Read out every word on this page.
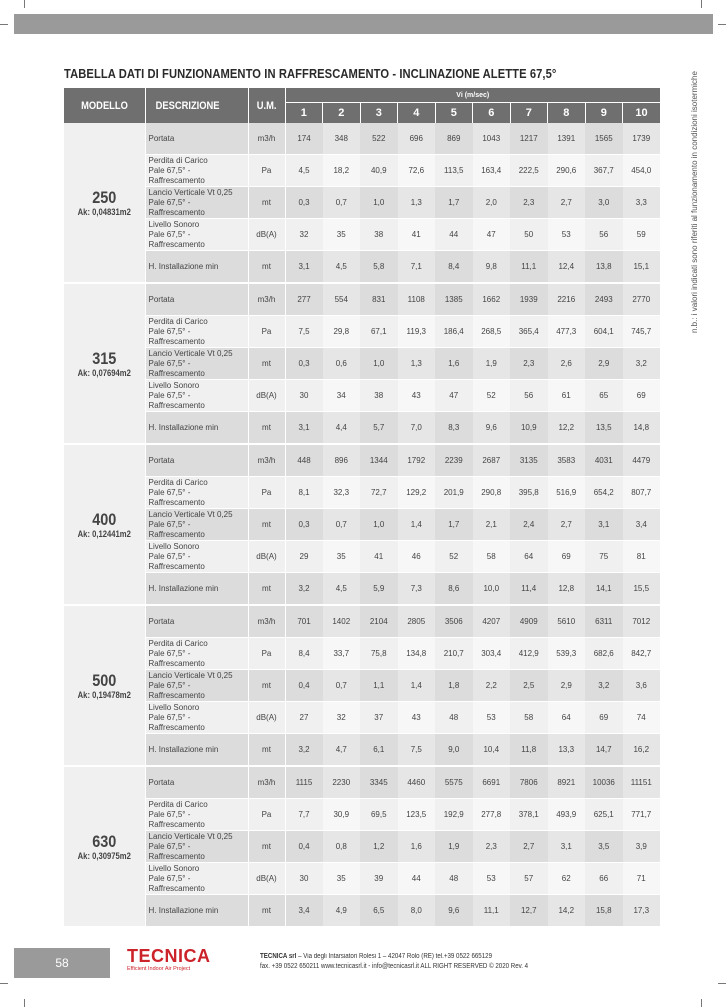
TABELLA DATI DI FUNZIONAMENTO IN RAFFRESCAMENTO - INCLINAZIONE ALETTE 67,5°	n.b.: i valori indicati sono riferiti al funzionamento in condizioni isotermiche
MODELLO	DESCRIZIONE	U.M.	Vi (m/sec)									
			1	2	3	4	5	6	7	8	9	10

250
Ak: 0,04831m2	Portata	m3/h	174	348	522	696	869	1043	1217	1391	1565	1739

	Perdita di Carico
Pale 67,5° - Raffrescamento	Pa	4,5	18,2	40,9	72,6	113,5	163,4	222,5	290,6	367,7	454,0

	Lancio Verticale Vt 0,25
Pale 67,5° - Raffrescamento	mt	0,3	0,7	1,0	1,3	1,7	2,0	2,3	2,7	3,0	3,3

	Livello Sonoro
Pale 67,5° - Raffrescamento	dB(A)	32	35	38	41	44	47	50	53	56	59

	H. Installazione min	mt	3,1	4,5	5,8	7,1	8,4	9,8	11,1	12,4	13,8	15,1

315
Ak: 0,07694m2	Portata	m3/h	277	554	831	1108	1385	1662	1939	2216	2493	2770

	Perdita di Carico
Pale 67,5° - Raffrescamento	Pa	7,5	29,8	67,1	119,3	186,4	268,5	365,4	477,3	604,1	745,7

	Lancio Verticale Vt 0,25
Pale 67,5° - Raffrescamento	mt	0,3	0,6	1,0	1,3	1,6	1,9	2,3	2,6	2,9	3,2

	Livello Sonoro
Pale 67,5° - Raffrescamento	dB(A)	30	34	38	43	47	52	56	61	65	69

	H. Installazione min	mt	3,1	4,4	5,7	7,0	8,3	9,6	10,9	12,2	13,5	14,8

400
Ak: 0,12441m2	Portata	m3/h	448	896	1344	1792	2239	2687	3135	3583	4031	4479

	Perdita di Carico
Pale 67,5° - Raffrescamento	Pa	8,1	32,3	72,7	129,2	201,9	290,8	395,8	516,9	654,2	807,7

	Lancio Verticale Vt 0,25
Pale 67,5° - Raffrescamento	mt	0,3	0,7	1,0	1,4	1,7	2,1	2,4	2,7	3,1	3,4

	Livello Sonoro
Pale 67,5° - Raffrescamento	dB(A)	29	35	41	46	52	58	64	69	75	81

	H. Installazione min	mt	3,2	4,5	5,9	7,3	8,6	10,0	11,4	12,8	14,1	15,5

500
Ak: 0,19478m2	Portata	m3/h	701	1402	2104	2805	3506	4207	4909	5610	6311	7012

	Perdita di Carico
Pale 67,5° - Raffrescamento	Pa	8,4	33,7	75,8	134,8	210,7	303,4	412,9	539,3	682,6	842,7

	Lancio Verticale Vt 0,25
Pale 67,5° - Raffrescamento	mt	0,4	0,7	1,1	1,4	1,8	2,2	2,5	2,9	3,2	3,6

	Livello Sonoro
Pale 67,5° - Raffrescamento	dB(A)	27	32	37	43	48	53	58	64	69	74

	H. Installazione min	mt	3,2	4,7	6,1	7,5	9,0	10,4	11,8	13,3	14,7	16,2

630
Ak: 0,30975m2	Portata	m3/h	1115	2230	3345	4460	5575	6691	7806	8921	10036	11151

	Perdita di Carico
Pale 67,5° - Raffrescamento	Pa	7,7	30,9	69,5	123,5	192,9	277,8	378,1	493,9	625,1	771,7

	Lancio Verticale Vt 0,25
Pale 67,5° - Raffrescamento	mt	0,4	0,8	1,2	1,6	1,9	2,3	2,7	3,1	3,5	3,9

	Livello Sonoro
Pale 67,5° - Raffrescamento	dB(A)	30	35	39	44	48	53	57	62	66	71

	H. Installazione min	mt	3,4	4,9	6,5	8,0	9,6	11,1	12,7	14,2	15,8	17,3
58	TECNICA
Efficient Indoor Air Project
TECNICA srl – Via degli Intarsiatori Rolesi 1 – 42047 Rolo (RE) tel.+39 0522 665129
fax. +39 0522 650211 www.tecnicasrl.it - info@tecnicasrl.it ALL RIGHT RESERVED © 2020 Rev. 4
